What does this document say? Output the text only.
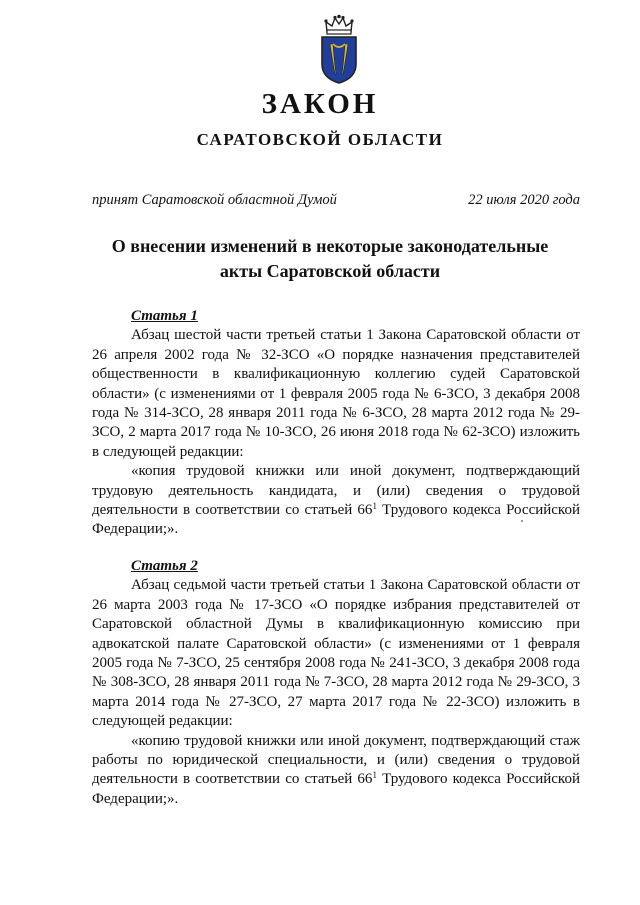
ЗАКОН
САРАТОВСКОЙ ОБЛАСТИ
принят Саратовской областной Думой	22 июля 2020 года
О внесении изменений в некоторые законодательные
акты Саратовской области

Статья 1

Абзац шестой части третьей статьи 1 Закона Саратовской области от 26 апреля 2002 года № 32-ЗСО «О порядке назначения представителей общественности в квалификационную коллегию судей Саратовской области» (с изменениями от 1 февраля 2005 года № 6-ЗСО, 3 декабря 2008 года № 314-ЗСО, 28 января 2011 года № 6-ЗСО, 28 марта 2012 года № 29-ЗСО, 2 марта 2017 года № 10-ЗСО, 26 июня 2018 года № 62-ЗСО) изложить в следующей редакции:

«копия трудовой книжки или иной документ, подтверждающий трудовую деятельность кандидата, и (или) сведения о трудовой деятельности в соответствии со статьей $66^1$ Трудового кодекса Российской Федерации;».

Статья 2

Абзац седьмой части третьей статьи 1 Закона Саратовской области от 26 марта 2003 года № 17-ЗСО «О порядке избрания представителей от Саратовской областной Думы в квалификационную комиссию при адвокатской палате Саратовской области» (с изменениями от 1 февраля 2005 года № 7-ЗСО, 25 сентября 2008 года № 241-ЗСО, 3 декабря 2008 года № 308-ЗСО, 28 января 2011 года № 7-ЗСО, 28 марта 2012 года № 29-ЗСО, 3 марта 2014 года № 27-ЗСО, 27 марта 2017 года № 22-ЗСО) изложить в следующей редакции:

«копию трудовой книжки или иной документ, подтверждающий стаж работы по юридической специальности, и (или) сведения о трудовой деятельности в соответствии со статьей $66^1$ Трудового кодекса Российской Федерации;».
